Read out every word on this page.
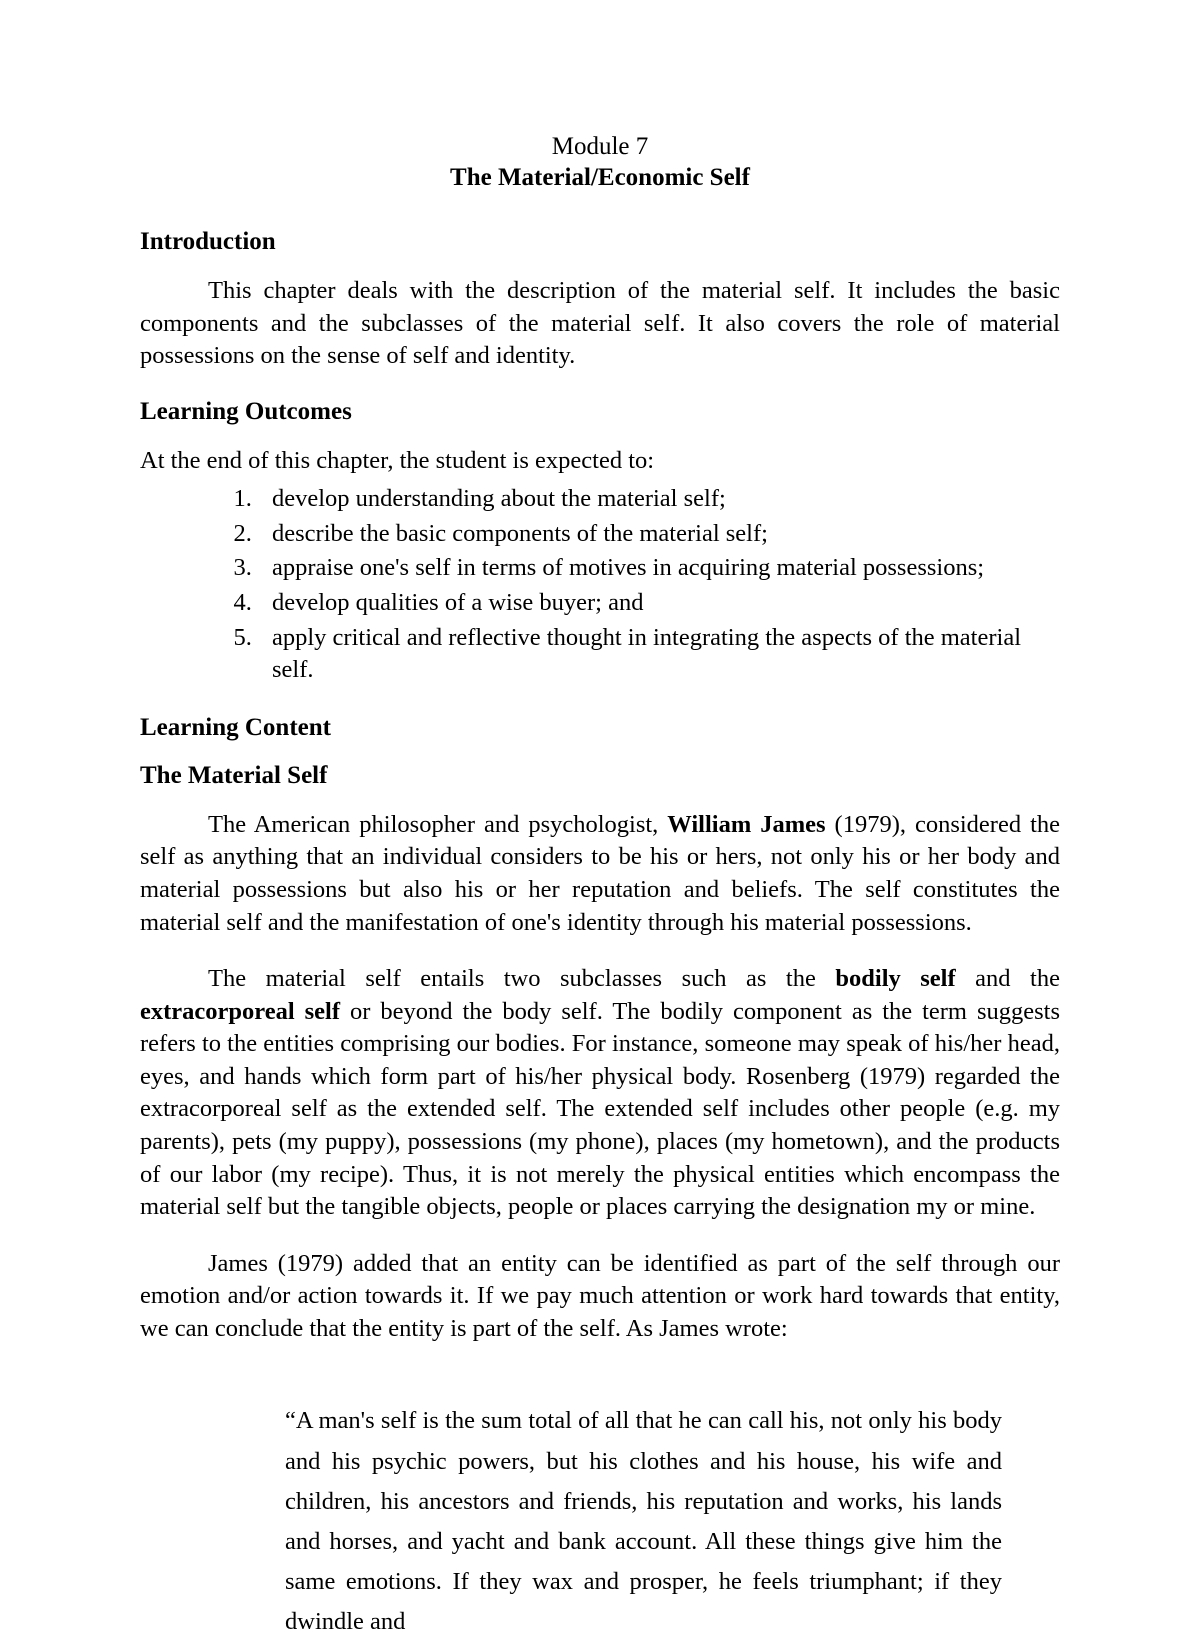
Module 7
The Material/Economic Self
Introduction

This chapter deals with the description of the material self. It includes the basic components and the subclasses of the material self. It also covers the role of material possessions on the sense of self and identity.

Learning Outcomes

At the end of this chapter, the student is expected to:

1. develop understanding about the material self;
2. describe the basic components of the material self;
3. appraise one's self in terms of motives in acquiring material possessions;
4. develop qualities of a wise buyer; and
5. apply critical and reflective thought in integrating the aspects of the material self.
Learning Content
The Material Self

The American philosopher and psychologist, William James (1979), considered the self as anything that an individual considers to be his or hers, not only his or her body and material possessions but also his or her reputation and beliefs. The self constitutes the material self and the manifestation of one's identity through his material possessions.

The material self entails two subclasses such as the bodily self and the extracorporeal self or beyond the body self. The bodily component as the term suggests refers to the entities comprising our bodies. For instance, someone may speak of his/her head, eyes, and hands which form part of his/her physical body. Rosenberg (1979) regarded the extracorporeal self as the extended self. The extended self includes other people (e.g. my parents), pets (my puppy), possessions (my phone), places (my hometown), and the products of our labor (my recipe). Thus, it is not merely the physical entities which encompass the material self but the tangible objects, people or places carrying the designation my or mine.

James (1979) added that an entity can be identified as part of the self through our emotion and/or action towards it. If we pay much attention or work hard towards that entity, we can conclude that the entity is part of the self. As James wrote:

“A man's self is the sum total of all that he can call his, not only his body and his psychic powers, but his clothes and his house, his wife and children, his ancestors and friends, his reputation and works, his lands and horses, and yacht and bank account. All these things give him the same emotions. If they wax and prosper, he feels triumphant; if they dwindle and
